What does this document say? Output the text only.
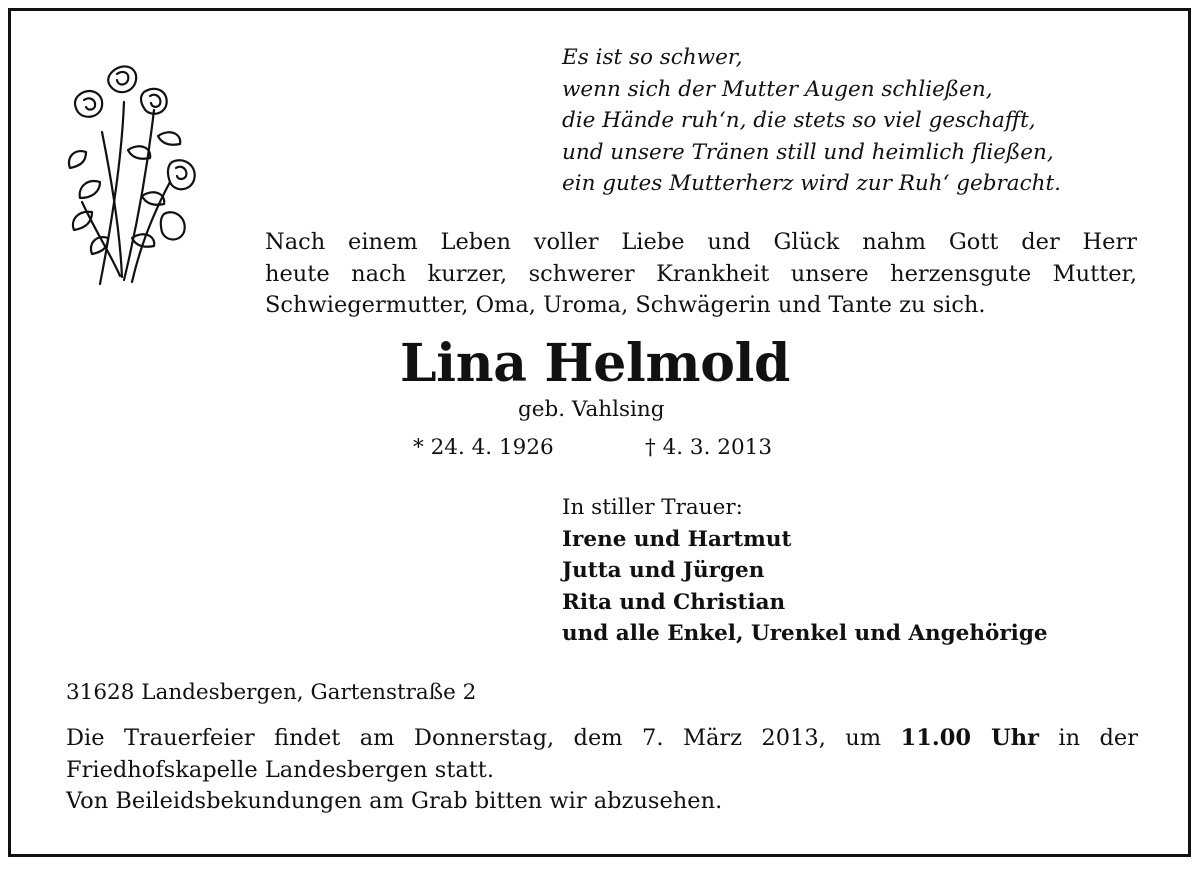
Es ist so schwer,
wenn sich der Mutter Augen schließen,
die Hände ruh‘n, die stets so viel geschafft,
und unsere Tränen still und heimlich fließen,
ein gutes Mutterherz wird zur Ruh‘ gebracht.
Nach einem Leben voller Liebe und Glück nahm Gott der Herr
heute nach kurzer, schwerer Krankheit unsere herzensgute Mutter,
Schwiegermutter, Oma, Uroma, Schwägerin und Tante zu sich.
Lina Helmold
geb. Vahlsing
* 24. 4. 1926	† 4. 3. 2013
In stiller Trauer:
Irene und Hartmut
Jutta und Jürgen
Rita und Christian
und alle Enkel, Urenkel und Angehörige
31628 Landesbergen, Gartenstraße 2
Die Trauerfeier findet am Donnerstag, dem 7. März 2013, um 11.00 Uhr in der
Friedhofskapelle Landesbergen statt.
Von Beileidsbekundungen am Grab bitten wir abzusehen.
